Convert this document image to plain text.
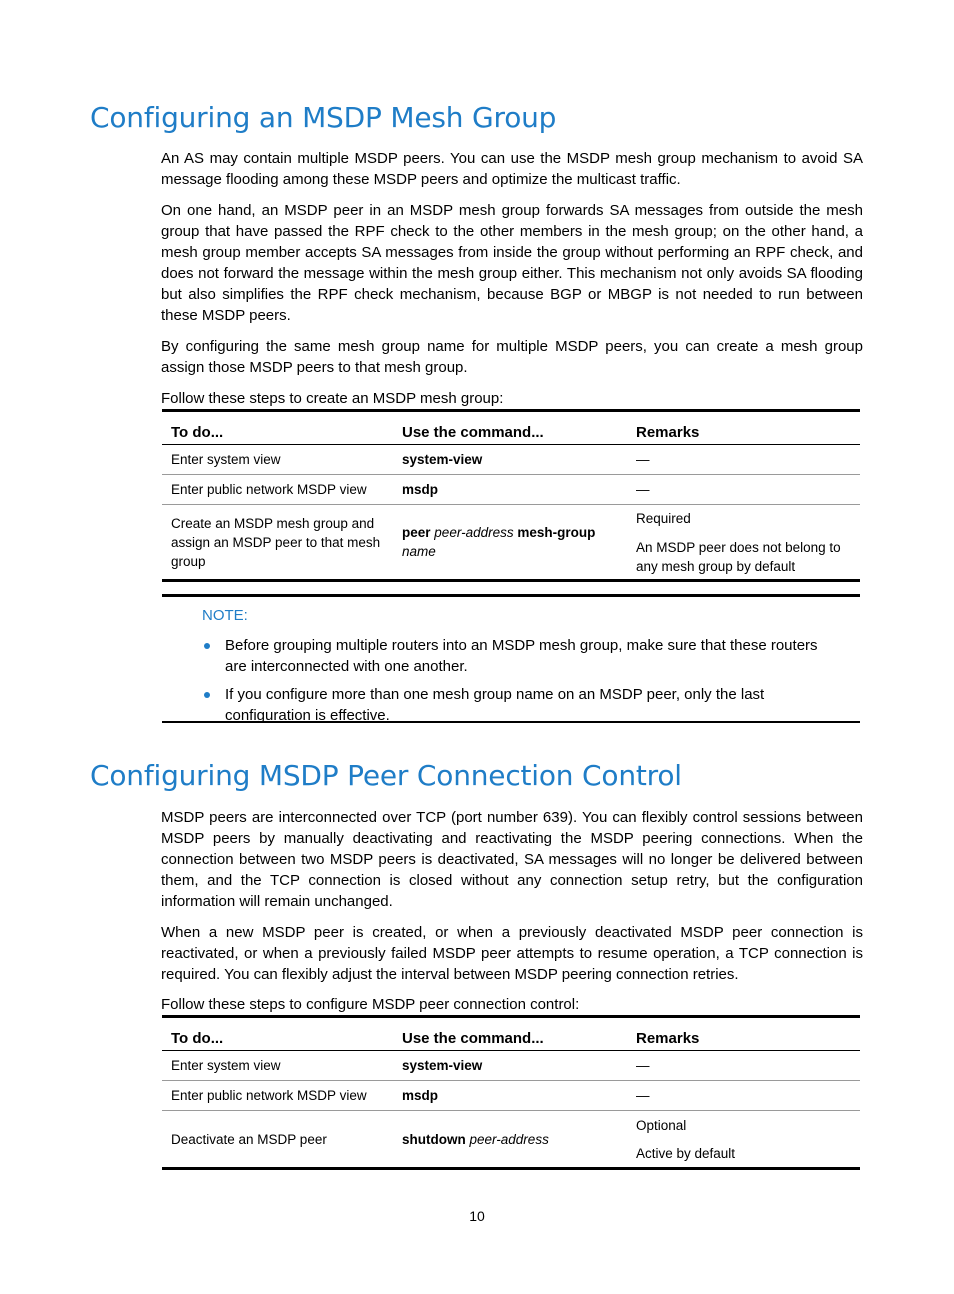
Configuring an MSDP Mesh Group

An AS may contain multiple MSDP peers. You can use the MSDP mesh group mechanism to avoid SA message flooding among these MSDP peers and optimize the multicast traffic.

On one hand, an MSDP peer in an MSDP mesh group forwards SA messages from outside the mesh group that have passed the RPF check to the other members in the mesh group; on the other hand, a mesh group member accepts SA messages from inside the group without performing an RPF check, and does not forward the message within the mesh group either. This mechanism not only avoids SA flooding but also simplifies the RPF check mechanism, because BGP or MBGP is not needed to run between these MSDP peers.

By configuring the same mesh group name for multiple MSDP peers, you can create a mesh group assign those MSDP peers to that mesh group.

Follow these steps to create an MSDP mesh group:

To do...	Use the command...	Remarks
Enter system view	system-view	—
Enter public network MSDP view	msdp	—
Create an MSDP mesh group and assign an MSDP peer to that mesh group	peer peer-address mesh-group name	Required
An MSDP peer does not belong to any mesh group by default
NOTE:
Before grouping multiple routers into an MSDP mesh group, make sure that these routers are interconnected with one another.
If you configure more than one mesh group name on an MSDP peer, only the last configuration is effective.
Configuring MSDP Peer Connection Control

MSDP peers are interconnected over TCP (port number 639). You can flexibly control sessions between MSDP peers by manually deactivating and reactivating the MSDP peering connections. When the connection between two MSDP peers is deactivated, SA messages will no longer be delivered between them, and the TCP connection is closed without any connection setup retry, but the configuration information will remain unchanged.

When a new MSDP peer is created, or when a previously deactivated MSDP peer connection is reactivated, or when a previously failed MSDP peer attempts to resume operation, a TCP connection is required. You can flexibly adjust the interval between MSDP peering connection retries.

Follow these steps to configure MSDP peer connection control:

To do...	Use the command...	Remarks
Enter system view	system-view	—
Enter public network MSDP view	msdp	—
Deactivate an MSDP peer	shutdown peer-address	Optional
Active by default
10
